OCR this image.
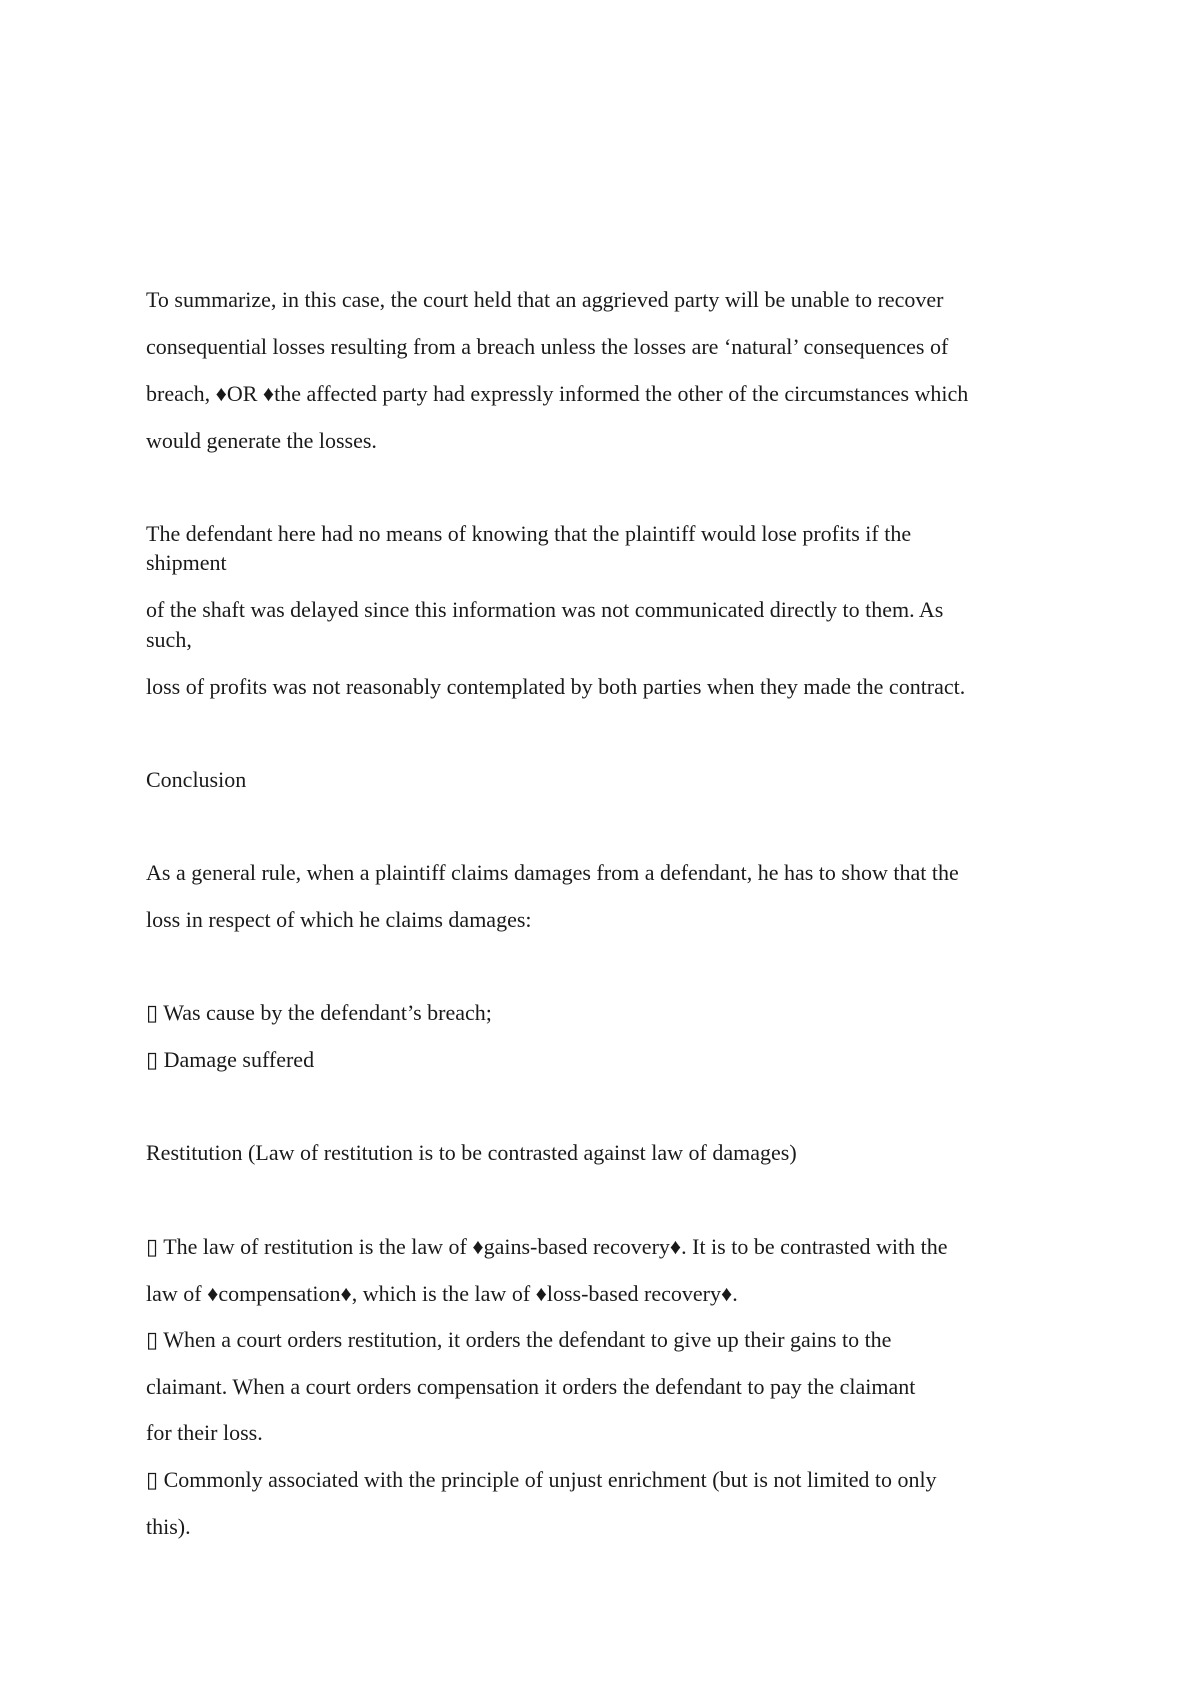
To summarize, in this case, the court held that an aggrieved party will be unable to recover
consequential losses resulting from a breach unless the losses are ‘natural’ consequences of
breach, ♦OR ♦the affected party had expressly informed the other of the circumstances which
would generate the losses.
The defendant here had no means of knowing that the plaintiff would lose profits if the
shipment
of the shaft was delayed since this information was not communicated directly to them. As
such,
loss of profits was not reasonably contemplated by both parties when they made the contract.
Conclusion
As a general rule, when a plaintiff claims damages from a defendant, he has to show that the
loss in respect of which he claims damages:
▯ Was cause by the defendant’s breach;
▯ Damage suffered
Restitution (Law of restitution is to be contrasted against law of damages)
▯ The law of restitution is the law of ♦gains-based recovery♦. It is to be contrasted with the
law of ♦compensation♦, which is the law of ♦loss-based recovery♦.
▯ When a court orders restitution, it orders the defendant to give up their gains to the
claimant. When a court orders compensation it orders the defendant to pay the claimant
for their loss.
▯ Commonly associated with the principle of unjust enrichment (but is not limited to only
this).
